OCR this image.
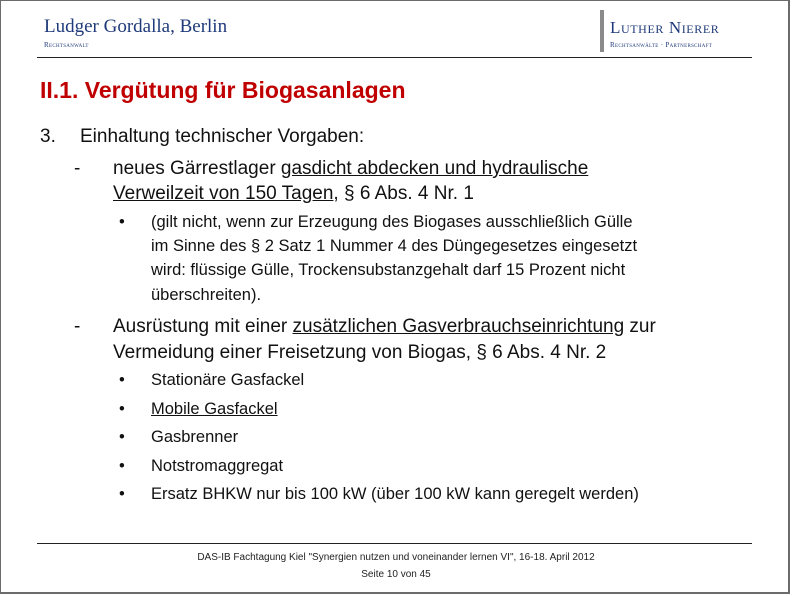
Ludger Gordalla, Berlin
Rechtsanwalt
Luther Nierer
Rechtsanwälte · Partnerschaft
II.1. Vergütung für Biogasanlagen
3. Einhaltung technischer Vorgaben:
- neues Gärrestlager gasdicht abdecken und hydraulische
Verweilzeit von 150 Tagen, § 6 Abs. 4 Nr. 1
• (gilt nicht, wenn zur Erzeugung des Biogases ausschließlich Gülle
im Sinne des § 2 Satz 1 Nummer 4 des Düngegesetzes eingesetzt
wird: flüssige Gülle, Trockensubstanzgehalt darf 15 Prozent nicht
überschreiten).
- Ausrüstung mit einer zusätzlichen Gasverbrauchseinrichtung zur
Vermeidung einer Freisetzung von Biogas, § 6 Abs. 4 Nr. 2
• Stationäre Gasfackel
• Mobile Gasfackel
• Gasbrenner
• Notstromaggregat
• Ersatz BHKW nur bis 100 kW (über 100 kW kann geregelt werden)
DAS-IB Fachtagung Kiel "Synergien nutzen und voneinander lernen VI", 16-18. April 2012
Seite 10 von 45
